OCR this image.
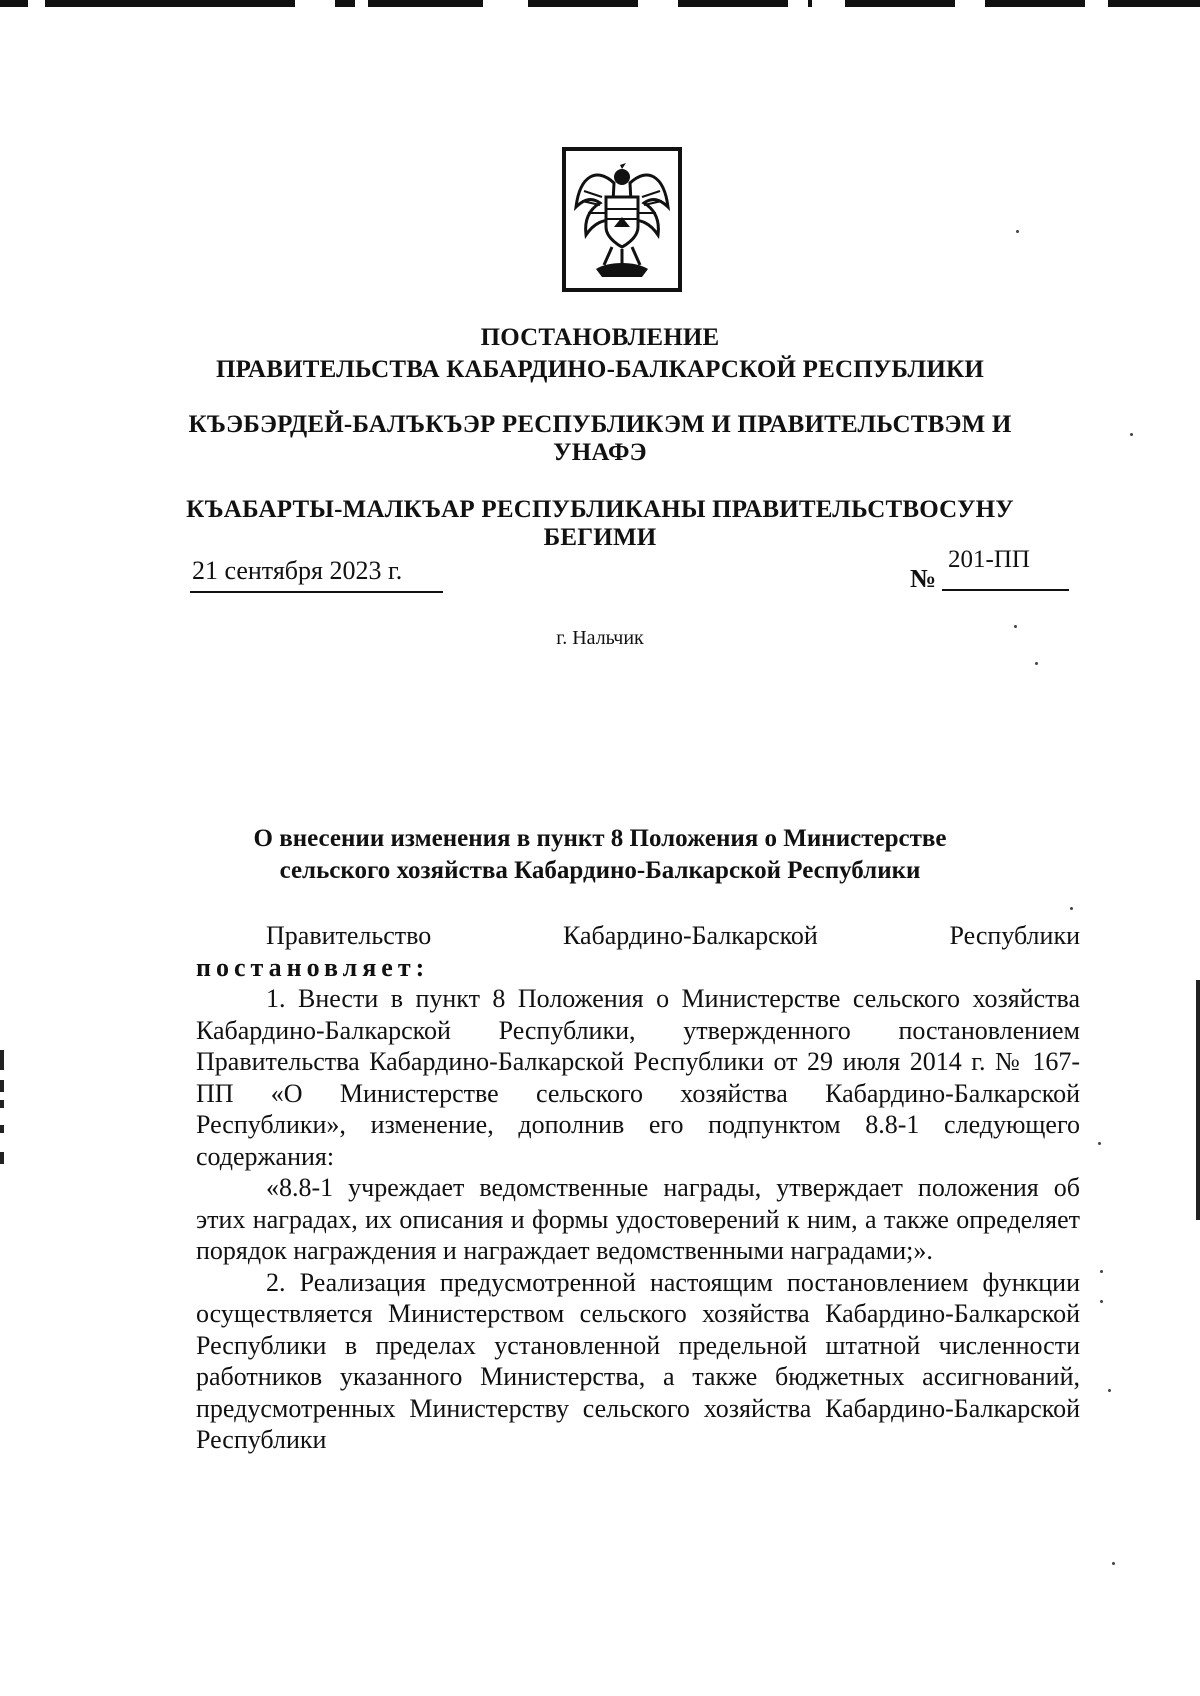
ПОСТАНОВЛЕНИЕ
ПРАВИТЕЛЬСТВА КАБАРДИНО-БАЛКАРСКОЙ РЕСПУБЛИКИ
КЪЭБЭРДЕЙ-БАЛЪКЪЭР РЕСПУБЛИКЭМ И ПРАВИТЕЛЬСТВЭМ И
УНАФЭ
КЪАБАРТЫ-МАЛКЪАР РЕСПУБЛИКАНЫ ПРАВИТЕЛЬСТВОСУНУ
БЕГИМИ
21 сентября 2023 г.	№
201-ПП
г. Нальчик
О внесении изменения в пункт 8 Положения о Министерстве
сельского хозяйства Кабардино-Балкарской Республики

Правительство Кабардино-Балкарской Республики

постановляет:

1. Внести в пункт 8 Положения о Министерстве сельского хозяйства Кабардино-Балкарской Республики, утвержденного постановлением Правительства Кабардино-Балкарской Республики от 29 июля 2014 г. № 167-ПП «О Министерстве сельского хозяйства Кабардино-Балкарской Республики», изменение, дополнив его подпунктом 8.8-1 следующего содержания:

«8.8-1 учреждает ведомственные награды, утверждает положения об этих наградах, их описания и формы удостоверений к ним, а также определяет порядок награждения и награждает ведомственными наградами;».

2. Реализация предусмотренной настоящим постановлением функции осуществляется Министерством сельского хозяйства Кабардино-Балкарской Республики в пределах установленной предельной штатной численности работников указанного Министерства, а также бюджетных ассигнований, предусмотренных Министерству сельского хозяйства Кабардино-Балкарской Республики
